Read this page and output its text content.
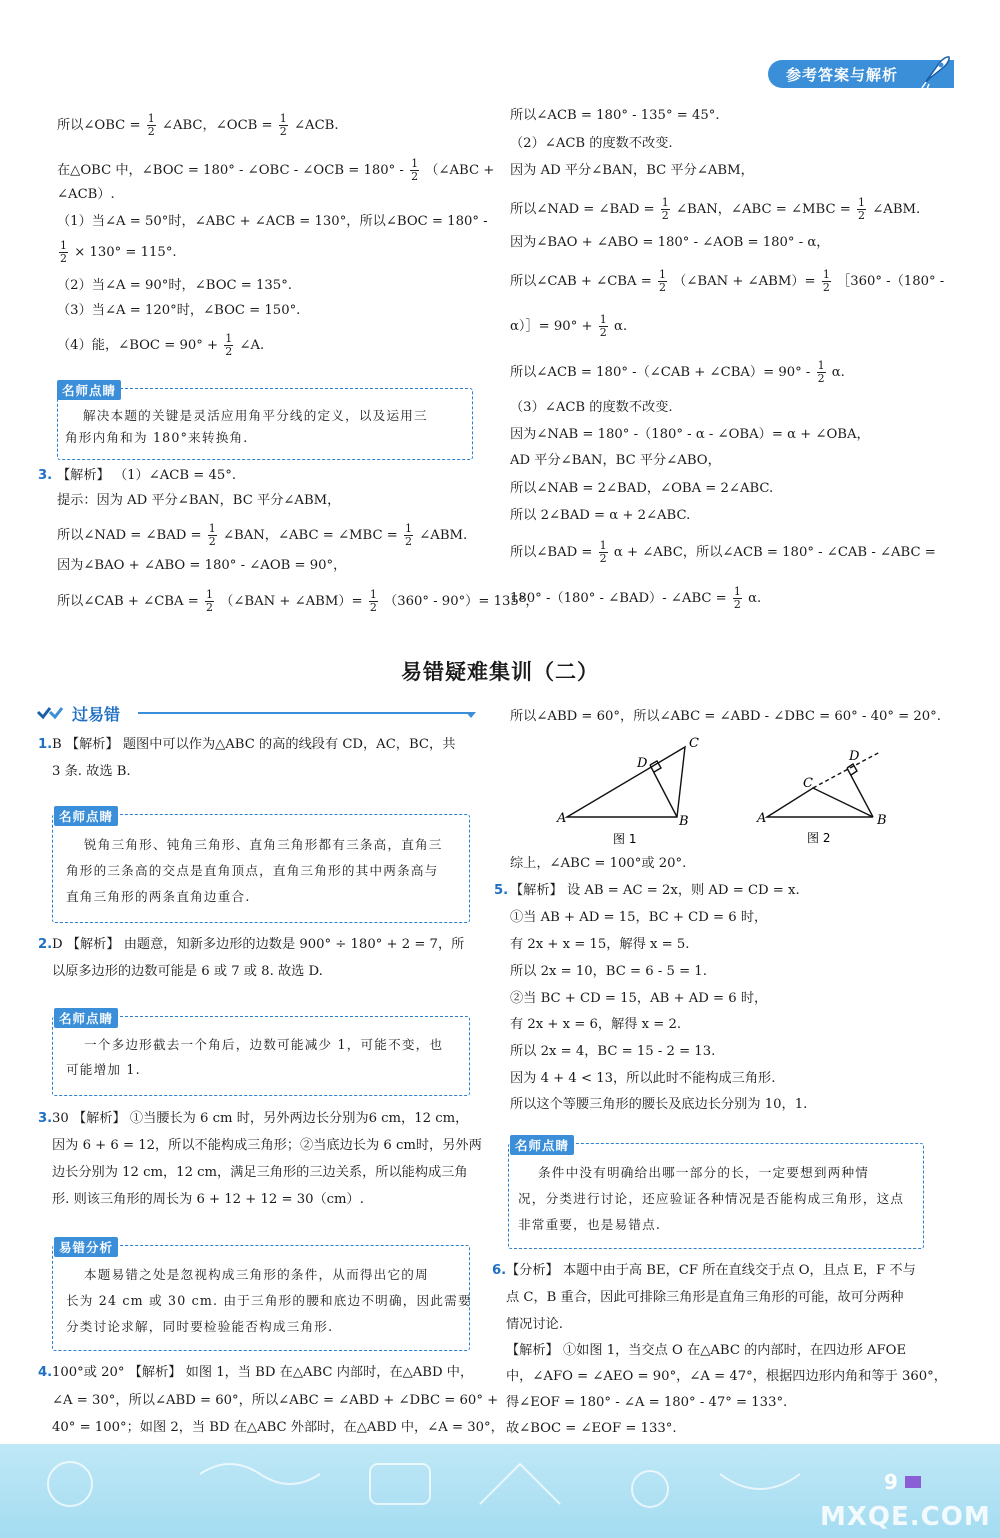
参考答案与解析
所以∠OBC = $\frac{1}{2}$ ∠ABC，∠OCB = $\frac{1}{2}$ ∠ACB.
在△OBC 中，∠BOC = 180° - ∠OBC - ∠OCB = $180^\circ - \frac{1}{2}$ （∠ABC +
∠ACB）.
（1）当∠A = 50°时，∠ABC + ∠ACB = 130°，所以∠BOC = 180° -
$\frac{1}{2} \times 130^\circ = 115^\circ$.
（2）当∠A = 90°时，∠BOC = 135°.
（3）当∠A = 120°时，∠BOC = 150°.
（4）能，∠BOC = $90^\circ + \frac{1}{2}$ ∠A.
名师点睛
解决本题的关键是灵活应用角平分线的定义，以及运用三
角形内角和为 180°来转换角.
3. 【解析】 （1）∠ACB = 45°.
提示：因为 AD 平分∠BAN，BC 平分∠ABM，
所以∠NAD = ∠BAD = $\frac{1}{2}$ ∠BAN，∠ABC = ∠MBC = $\frac{1}{2}$ ∠ABM.
因为∠BAO + ∠ABO = 180° - ∠AOB = 90°，
所以∠CAB + ∠CBA = $\frac{1}{2}$ （∠BAN + ∠ABM）= $\frac{1}{2} (360^\circ - 90^\circ)= 135^\circ$，
所以∠ACB = 180° - 135° = 45°.
（2）∠ACB 的度数不改变.
因为 AD 平分∠BAN，BC 平分∠ABM，
所以∠NAD = ∠BAD = $\frac{1}{2}$ ∠BAN，∠ABC = ∠MBC = $\frac{1}{2}$ ∠ABM.
因为∠BAO + ∠ABO = 180° - ∠AOB = 180° - α，
所以∠CAB + ∠CBA = $\frac{1}{2}$ （∠BAN + ∠ABM）= $\frac{1}{2}$ ［360° -（180° -
α）］= $90^\circ + \frac{1}{2} \alpha$.
所以∠ACB = 180° -（∠CAB + ∠CBA）= $90^\circ - \frac{1}{2} \alpha$.
（3）∠ACB 的度数不改变.
因为∠NAB = 180° -（180° - α - ∠OBA）= α + ∠OBA，
AD 平分∠BAN，BC 平分∠ABO，
所以∠NAB = 2∠BAD，∠OBA = 2∠ABC.
所以 2∠BAD = α + 2∠ABC.
所以∠BAD = $\frac{1}{2}$ α + ∠ABC，所以∠ACB = 180° - ∠CAB - ∠ABC =
180° -（180° - ∠BAD）- ∠ABC = $\frac{1}{2} \alpha$.
易错疑难集训（二）
过易错
1. B 【解析】 题图中可以作为△ABC 的高的线段有 CD，AC，BC，共
3 条. 故选 B.
名师点睛
锐角三角形、钝角三角形、直角三角形都有三条高，直角三
角形的三条高的交点是直角顶点，直角三角形的其中两条高与
直角三角形的两条直角边重合.
2. D 【解析】 由题意，知新多边形的边数是 900° ÷ 180° + 2 = 7，所
以原多边形的边数可能是 6 或 7 或 8. 故选 D.
名师点睛
一个多边形截去一个角后，边数可能减少 1，可能不变，也
可能增加 1.
3. 30 【解析】 ①当腰长为 6 cm 时，另外两边长分别为6 cm，12 cm，
因为 6 + 6 = 12，所以不能构成三角形；②当底边长为 6 cm时，另外两
边长分别为 12 cm，12 cm，满足三角形的三边关系，所以能构成三角
形. 则该三角形的周长为 6 + 12 + 12 = 30（cm）.
易错分析
本题易错之处是忽视构成三角形的条件，从而得出它的周
长为 24 cm 或 30 cm. 由于三角形的腰和底边不明确，因此需要
分类讨论求解，同时要检验能否构成三角形.
4. 100°或 20° 【解析】 如图 1，当 BD 在△ABC 内部时，在△ABD 中，
∠A = 30°，所以∠ABD = 60°，所以∠ABC = ∠ABD + ∠DBC = 60° +
40° = 100°；如图 2，当 BD 在△ABC 外部时，在△ABD 中，∠A = 30°，
所以∠ABD = 60°，所以∠ABC = ∠ABD - ∠DBC = 60° - 40° = 20°.
A	B
C
D
图 1
A	B
C
D
图 2
综上，∠ABC = 100°或 20°.
5. 【解析】 设 AB = AC = 2x，则 AD = CD = x.
①当 AB + AD = 15，BC + CD = 6 时，
有 2x + x = 15，解得 x = 5.
所以 2x = 10，BC = 6 - 5 = 1.
②当 BC + CD = 15，AB + AD = 6 时，
有 2x + x = 6，解得 x = 2.
所以 2x = 4，BC = 15 - 2 = 13.
因为 4 + 4 < 13，所以此时不能构成三角形.
所以这个等腰三角形的腰长及底边长分别为 10，1.
名师点睛
条件中没有明确给出哪一部分的长，一定要想到两种情
况，分类进行讨论，还应验证各种情况是否能构成三角形，这点
非常重要，也是易错点.
6. 【分析】 本题中由于高 BE，CF 所在直线交于点 O，且点 E，F 不与
点 C，B 重合，因此可排除三角形是直角三角形的可能，故可分两种
情况讨论.
【解析】 ①如图 1，当交点 O 在△ABC 的内部时，在四边形 AFOE
中，∠AFO = ∠AEO = 90°，∠A = 47°，根据四边形内角和等于 360°，
得∠EOF = 180° - ∠A = 180° - 47° = 133°.
故∠BOC = ∠EOF = 133°.
9
MXQE.COM
